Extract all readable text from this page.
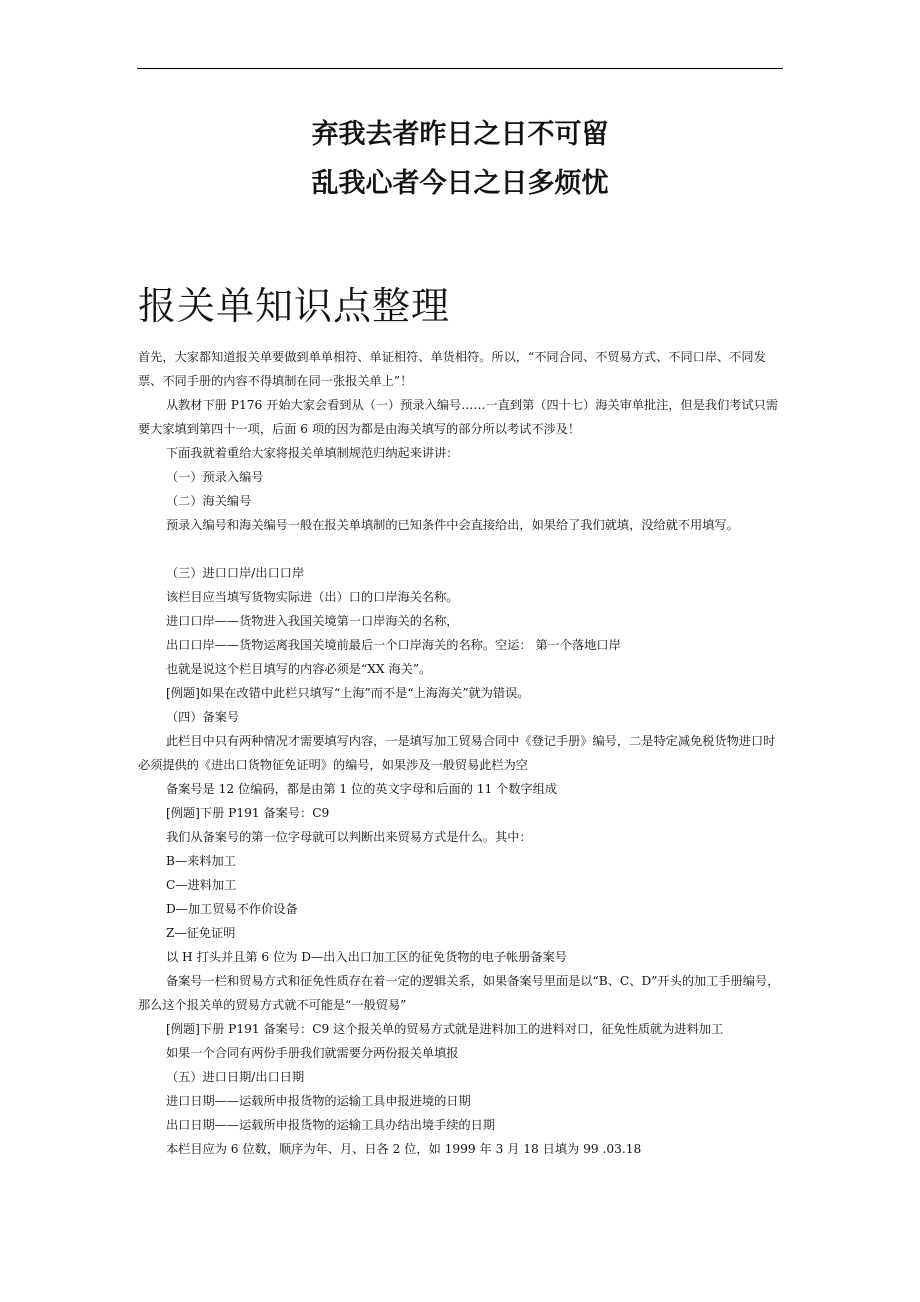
弃我去者昨日之日不可留
乱我心者今日之日多烦忧
报关单知识点整理

首先，大家都知道报关单要做到单单相符、单证相符、单货相符。所以，“不同合同、不贸易方式、不同口岸、不同发票、不同手册的内容不得填制在同一张报关单上”！

从教材下册 P176 开始大家会看到从（一）预录入编号……一直到第（四十七）海关审单批注，但是我们考试只需要大家填到第四十一项，后面 6 项的因为都是由海关填写的部分所以考试不涉及！

下面我就着重给大家将报关单填制规范归纳起来讲讲：

（一）预录入编号

（二）海关编号

预录入编号和海关编号一般在报关单填制的已知条件中会直接给出，如果给了我们就填，没给就不用填写。

（三）进口口岸/出口口岸

该栏目应当填写货物实际进（出）口的口岸海关名称。

进口口岸——货物进入我国关境第一口岸海关的名称，

出口口岸——货物运离我国关境前最后一个口岸海关的名称。空运： 第一个落地口岸

也就是说这个栏目填写的内容必须是“XX 海关”。

[例题]如果在改错中此栏只填写“上海”而不是“上海海关”就为错误。

（四）备案号

此栏目中只有两种情况才需要填写内容，一是填写加工贸易合同中《登记手册》编号，二是特定减免税货物进口时必须提供的《进出口货物征免证明》的编号，如果涉及一般贸易此栏为空

备案号是 12 位编码，都是由第 1 位的英文字母和后面的 11 个数字组成

[例题]下册 P191 备案号：C9

我们从备案号的第一位字母就可以判断出来贸易方式是什么。其中：

B—来料加工

C—进料加工

D—加工贸易不作价设备

Z—征免证明

以 H 打头并且第 6 位为 D—出入出口加工区的征免货物的电子帐册备案号

备案号一栏和贸易方式和征免性质存在着一定的逻辑关系，如果备案号里面是以“B、C、D”开头的加工手册编号，那么这个报关单的贸易方式就不可能是“一般贸易”

[例题]下册 P191 备案号：C9 这个报关单的贸易方式就是进料加工的进料对口，征免性质就为进料加工

如果一个合同有两份手册我们就需要分两份报关单填报

（五）进口日期/出口日期

进口日期——运载所申报货物的运输工具申报进境的日期

出口日期——运载所申报货物的运输工具办结出境手续的日期

本栏目应为 6 位数，顺序为年、月、日各 2 位，如 1999 年 3 月 18 日填为 99 .03.18
